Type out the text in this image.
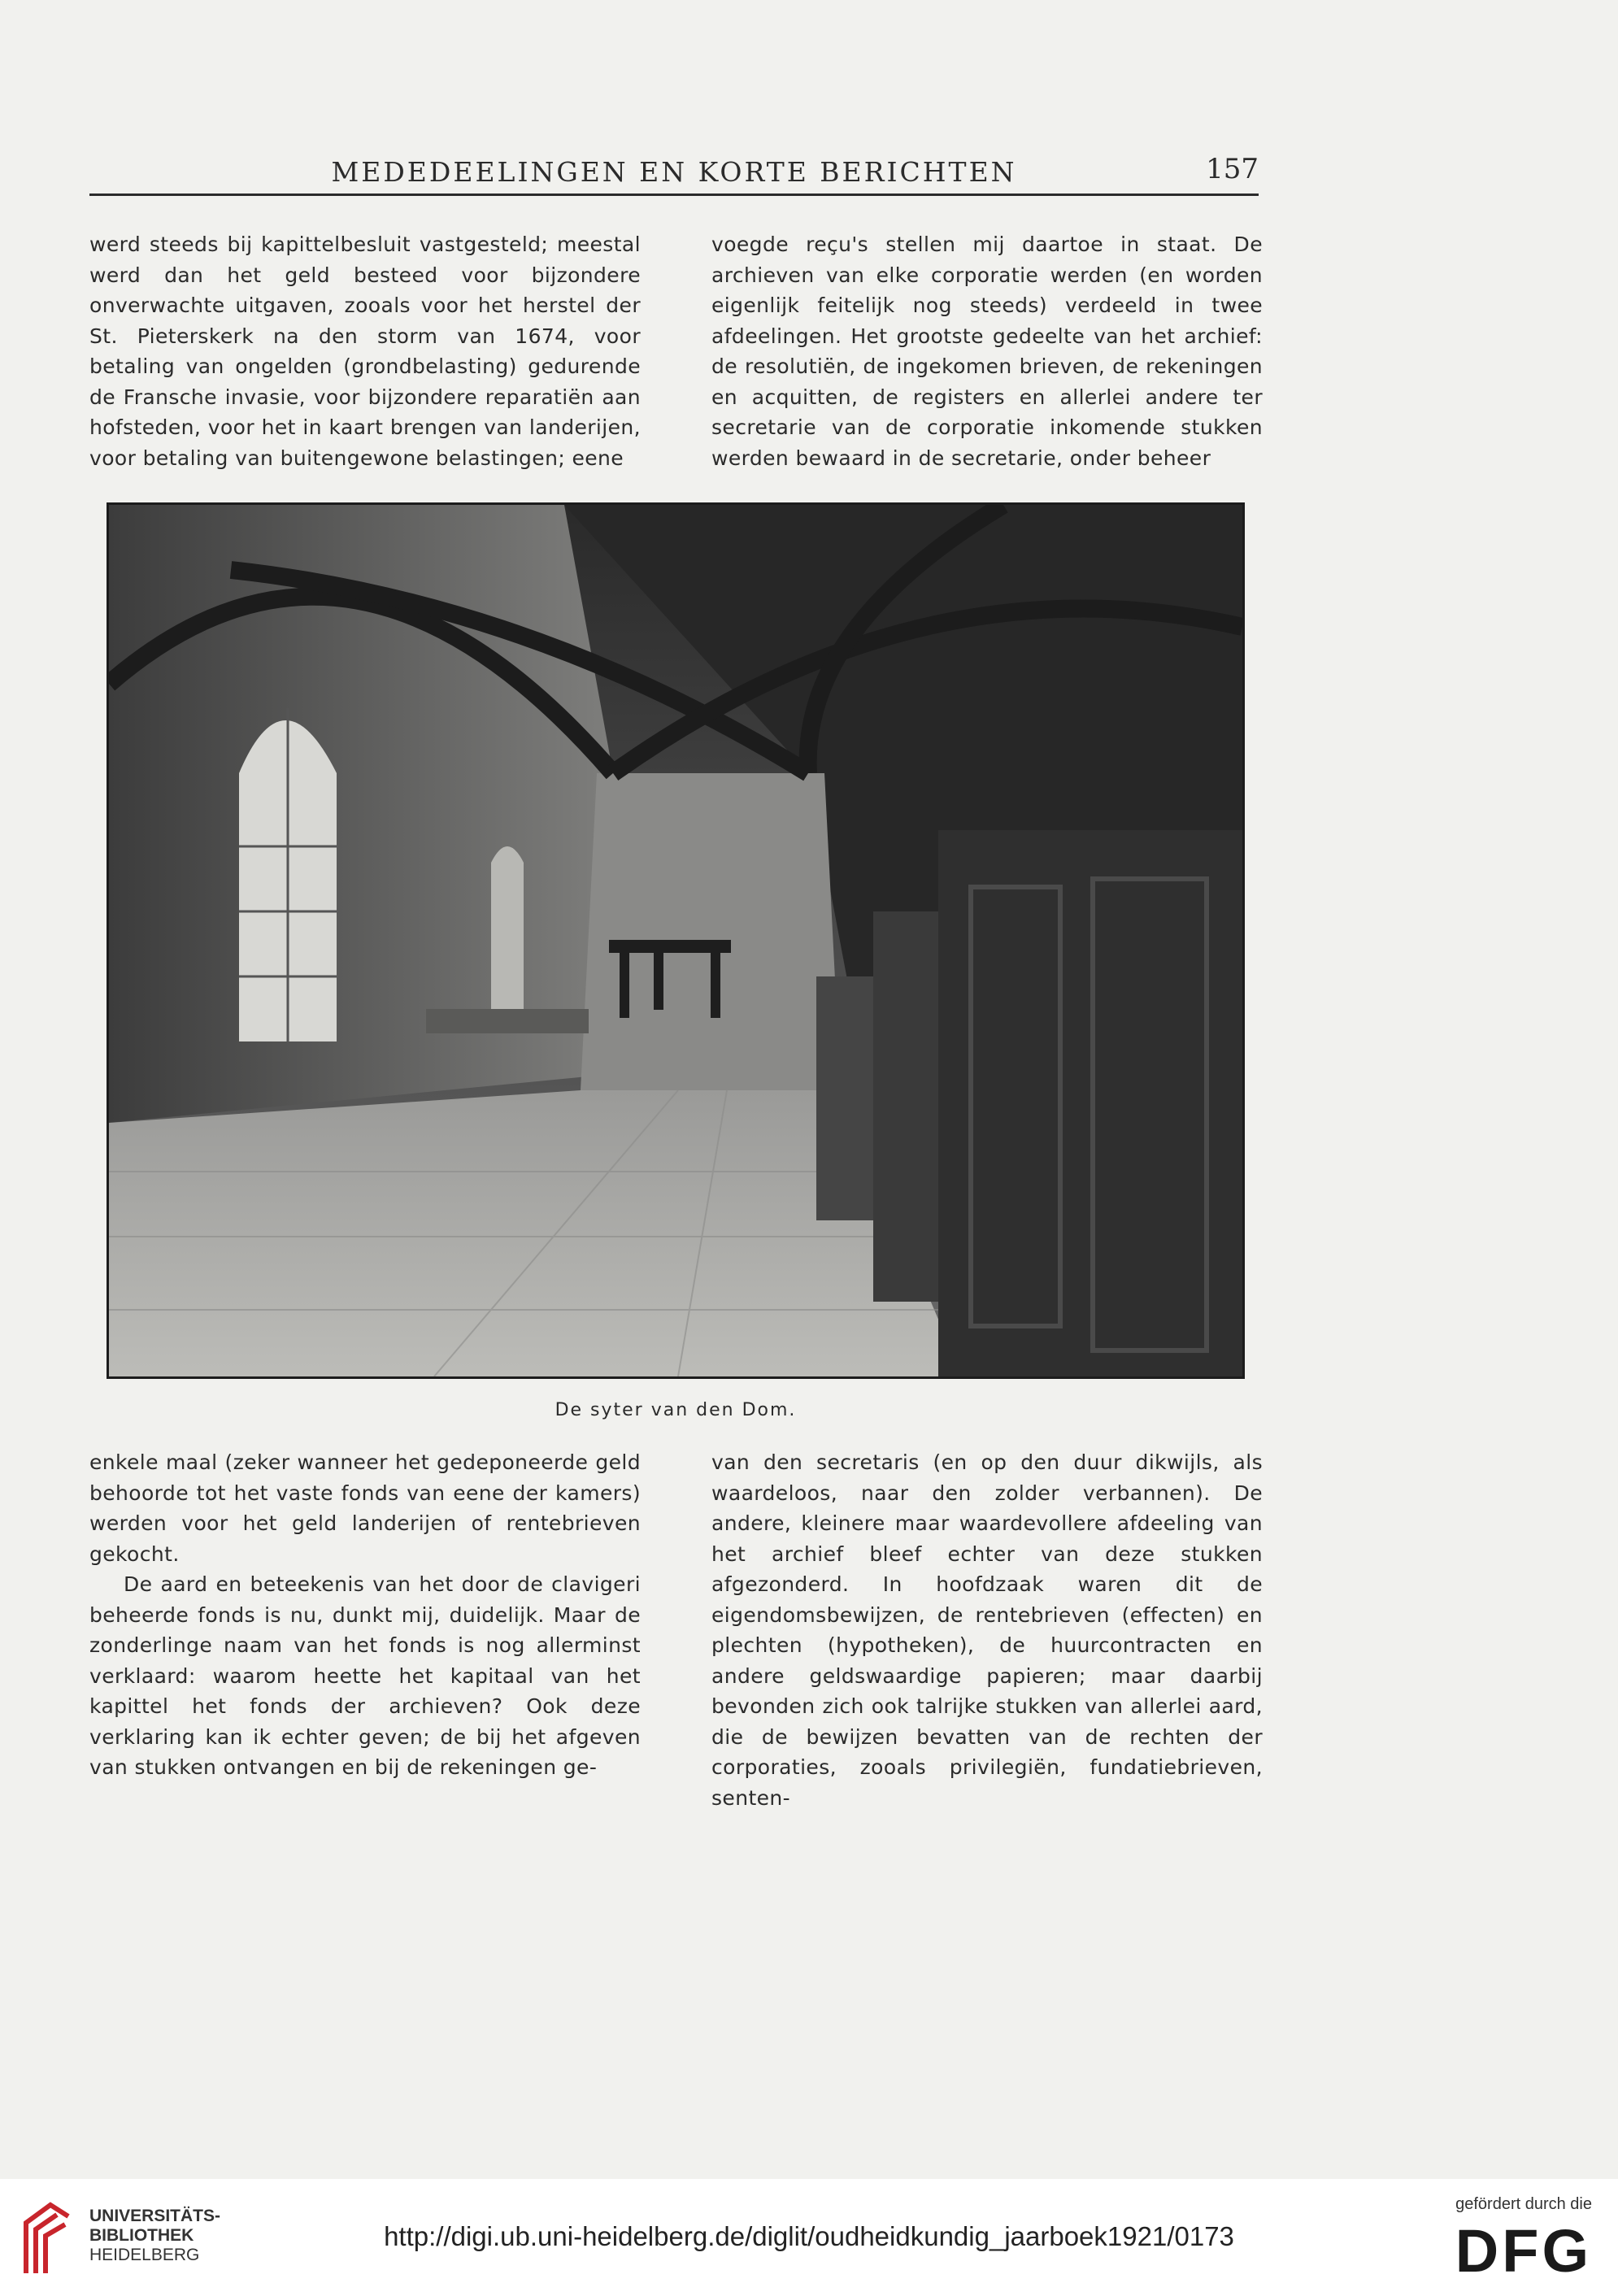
MEDEDEELINGEN EN KORTE BERICHTEN	157

werd steeds bij kapittelbesluit vastgesteld; meestal werd dan het geld besteed voor bijzondere onverwachte uitgaven, zooals voor het herstel der St. Pieterskerk na den storm van 1674, voor betaling van ongelden (grondbelasting) gedurende de Fransche invasie, voor bijzondere reparatiën aan hofsteden, voor het in kaart brengen van landerijen, voor betaling van buitengewone belastingen; eene

voegde reçu's stellen mij daartoe in staat. De archieven van elke corporatie werden (en worden eigenlijk feitelijk nog steeds) verdeeld in twee afdeelingen. Het grootste gedeelte van het archief: de resolutiën, de ingekomen brieven, de rekeningen en acquitten, de registers en allerlei andere ter secretarie van de corporatie inkomende stukken werden bewaard in de secretarie, onder beheer

De syter van den Dom.

enkele maal (zeker wanneer het gedeponeerde geld behoorde tot het vaste fonds van eene der kamers) werden voor het geld landerijen of rentebrieven gekocht.

De aard en beteekenis van het door de clavigeri beheerde fonds is nu, dunkt mij, duidelijk. Maar de zonderlinge naam van het fonds is nog allerminst verklaard: waarom heette het kapitaal van het kapittel het fonds der archieven? Ook deze verklaring kan ik echter geven; de bij het afgeven van stukken ontvangen en bij de rekeningen ge-

van den secretaris (en op den duur dikwijls, als waardeloos, naar den zolder verbannen). De andere, kleinere maar waardevollere afdeeling van het archief bleef echter van deze stukken afgezonderd. In hoofdzaak waren dit de eigendomsbewijzen, de rentebrieven (effecten) en plechten (hypotheken), de huurcontracten en andere geldswaardige papieren; maar daarbij bevonden zich ook talrijke stukken van allerlei aard, die de bewijzen bevatten van de rechten der corporaties, zooals privilegiën, fundatiebrieven, senten-

UNIVERSITÄTS-
BIBLIOTHEK
HEIDELBERG
http://digi.ub.uni-heidelberg.de/diglit/oudheidkundig_jaarboek1921/0173
gefördert durch die
DFG
